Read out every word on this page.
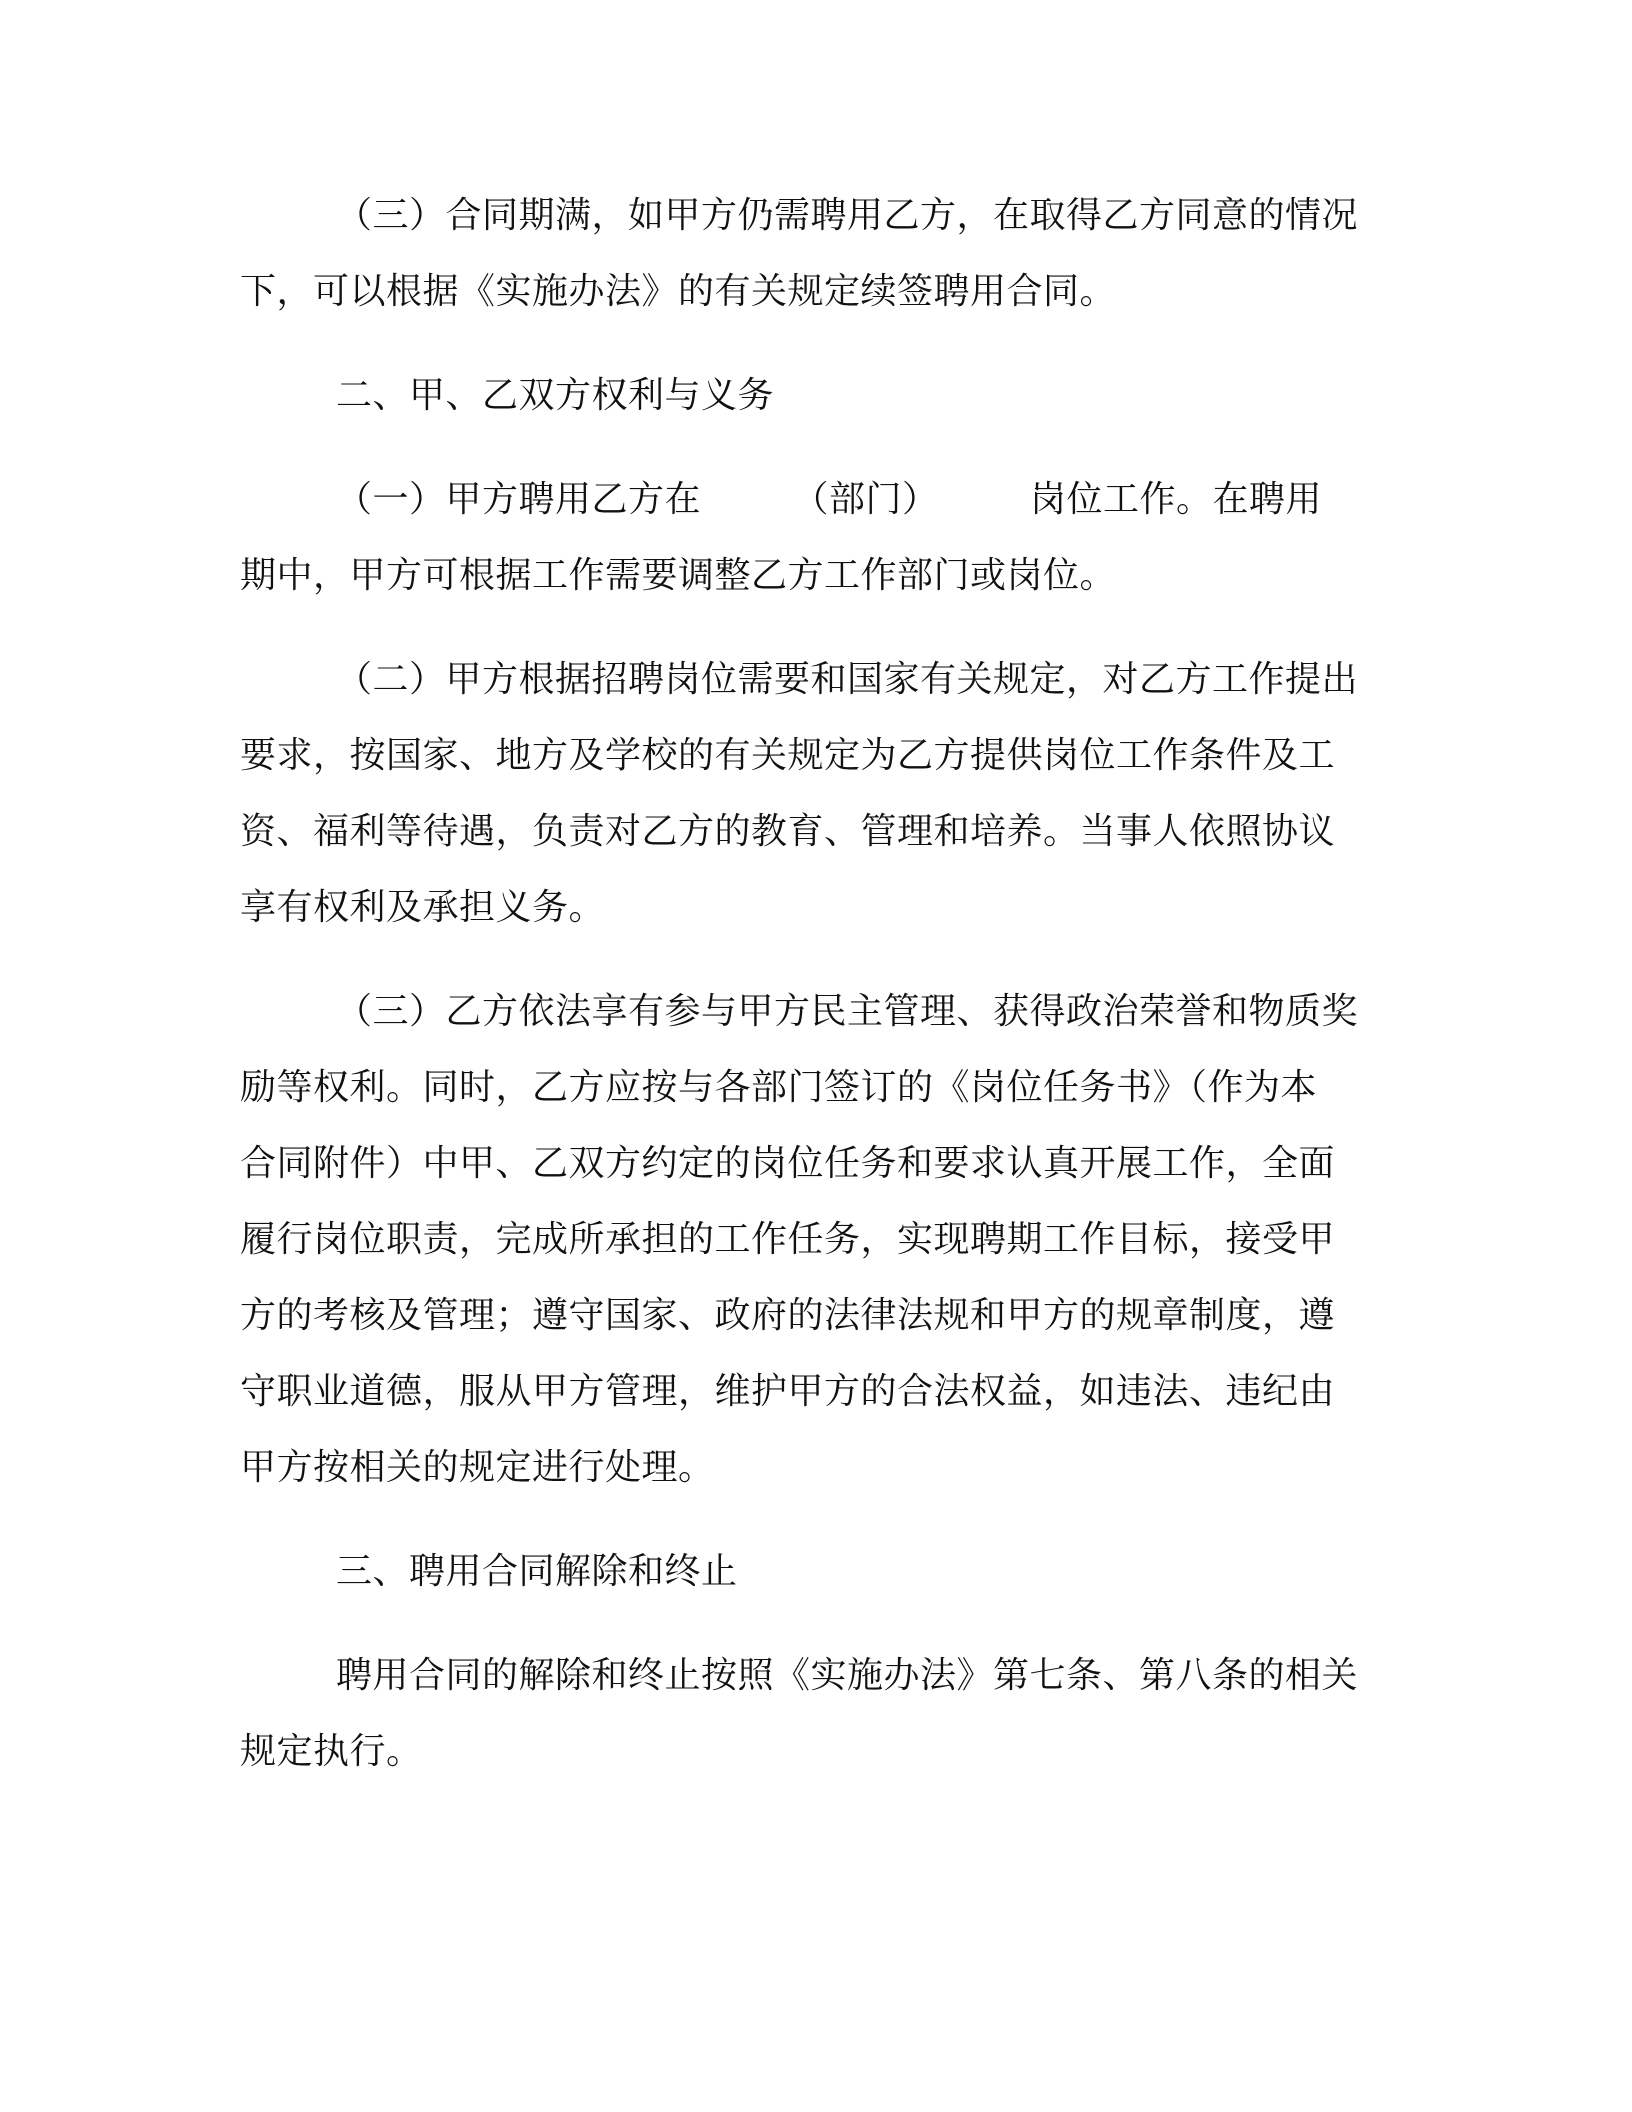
（三）合同期满，如甲方仍需聘用乙方，在取得乙方同意的情况
下，可以根据《实施办法》的有关规定续签聘用合同。
二、甲、乙双方权利与义务
（一）甲方聘用乙方在　　　（部门）　　　岗位工作。在聘用
期中，甲方可根据工作需要调整乙方工作部门或岗位。
（二）甲方根据招聘岗位需要和国家有关规定，对乙方工作提出
要求，按国家、地方及学校的有关规定为乙方提供岗位工作条件及工
资、福利等待遇，负责对乙方的教育、管理和培养。当事人依照协议
享有权利及承担义务。
（三）乙方依法享有参与甲方民主管理、获得政治荣誉和物质奖
励等权利。同时，乙方应按与各部门签订的《岗位任务书》（作为本
合同附件）中甲、乙双方约定的岗位任务和要求认真开展工作，全面
履行岗位职责，完成所承担的工作任务，实现聘期工作目标，接受甲
方的考核及管理；遵守国家、政府的法律法规和甲方的规章制度，遵
守职业道德，服从甲方管理，维护甲方的合法权益，如违法、违纪由
甲方按相关的规定进行处理。
三、聘用合同解除和终止
聘用合同的解除和终止按照《实施办法》第七条、第八条的相关
规定执行。
